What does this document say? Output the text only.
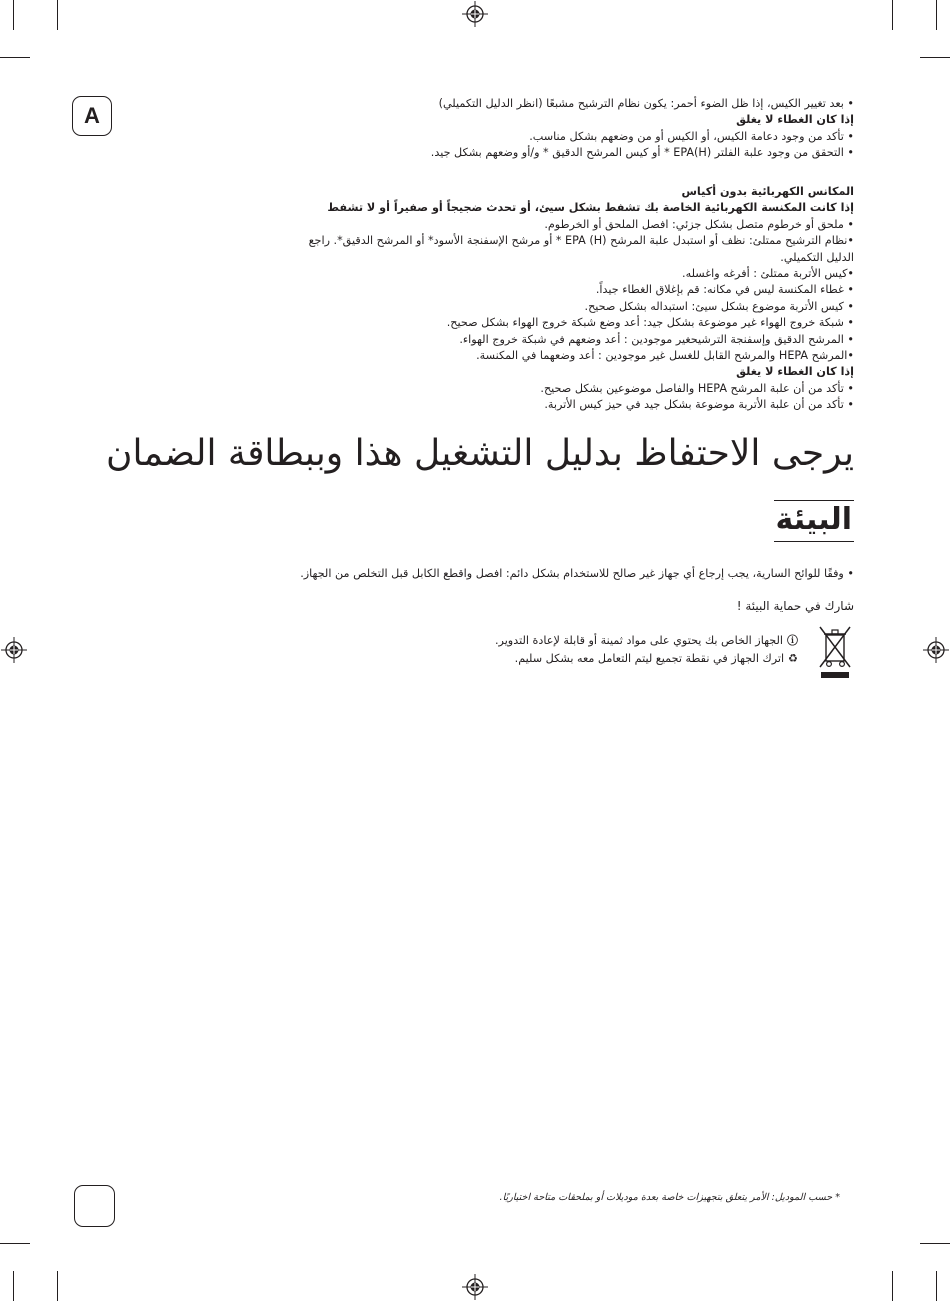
A	• بعد تغيير الكيس، إذا ظل الضوء أحمر: يكون نظام الترشيح مشبعًا (انظر الدليل التكميلي)
إذا كان الغطاء لا يغلق
• تأكد من وجود دعامة الكيس، أو الكيس أو من وضعهم بشكل مناسب.
• التحقق من وجود علبة الفلتر (H)EPA * أو كيس المرشح الدقيق * و/أو وضعهم بشكل جيد.
المكانس الكهربائية بدون أكياس
إذا كانت المكنسة الكهربائية الخاصة بك تشفط بشكل سيئ، أو تحدث ضجيجاً أو صفيراً أو لا تشفط
• ملحق أو خرطوم متصل بشكل جزئي: افصل الملحق أو الخرطوم.
•نظام الترشيح ممتلئ: نظف أو استبدل علبة المرشح (H) EPA * أو مرشح الإسفنجة الأسود* أو المرشح الدقيق*. راجع الدليل التكميلي.
•كيس الأتربة ممتلئ : أفرغه واغسله.
• غطاء المكنسة ليس في مكانه: قم بإغلاق الغطاء جيداً.
• كيس الأتربة موضوع بشكل سيئ: استبداله بشكل صحيح.
• شبكة خروج الهواء غير موضوعة بشكل جيد: أعد وضع شبكة خروج الهواء بشكل صحيح.
• المرشح الدقيق وإسفنجة الترشيحغير موجودين : أعد وضعهم في شبكة خروج الهواء.
•المرشح HEPA والمرشح القابل للغسل غير موجودين : أعد وضعهما في المكنسة.
إذا كان الغطاء لا يغلق
• تأكد من أن علبة المرشح HEPA والفاصل موضوعين بشكل صحيح.
• تأكد من أن علبة الأتربة موضوعة بشكل جيد في حيز كيس الأتربة.
يرجى الاحتفاظ بدليل التشغيل هذا وببطاقة الضمان
البيئة
• وفقًا للوائح السارية، يجب إرجاع أي جهاز غير صالح للاستخدام بشكل دائم: افصل واقطع الكابل قبل التخلص من الجهاز.
شارك في حماية البيئة !
ⓘ
الجهاز الخاص بك يحتوي على مواد ثمينة أو قابلة لإعادة التدوير.
♻
اترك الجهاز في نقطة تجميع ليتم التعامل معه بشكل سليم.
* حسب الموديل: الأمر يتعلق بتجهيزات خاصة بعدة موديلات أو بملحقات متاحة اختياريًا.
